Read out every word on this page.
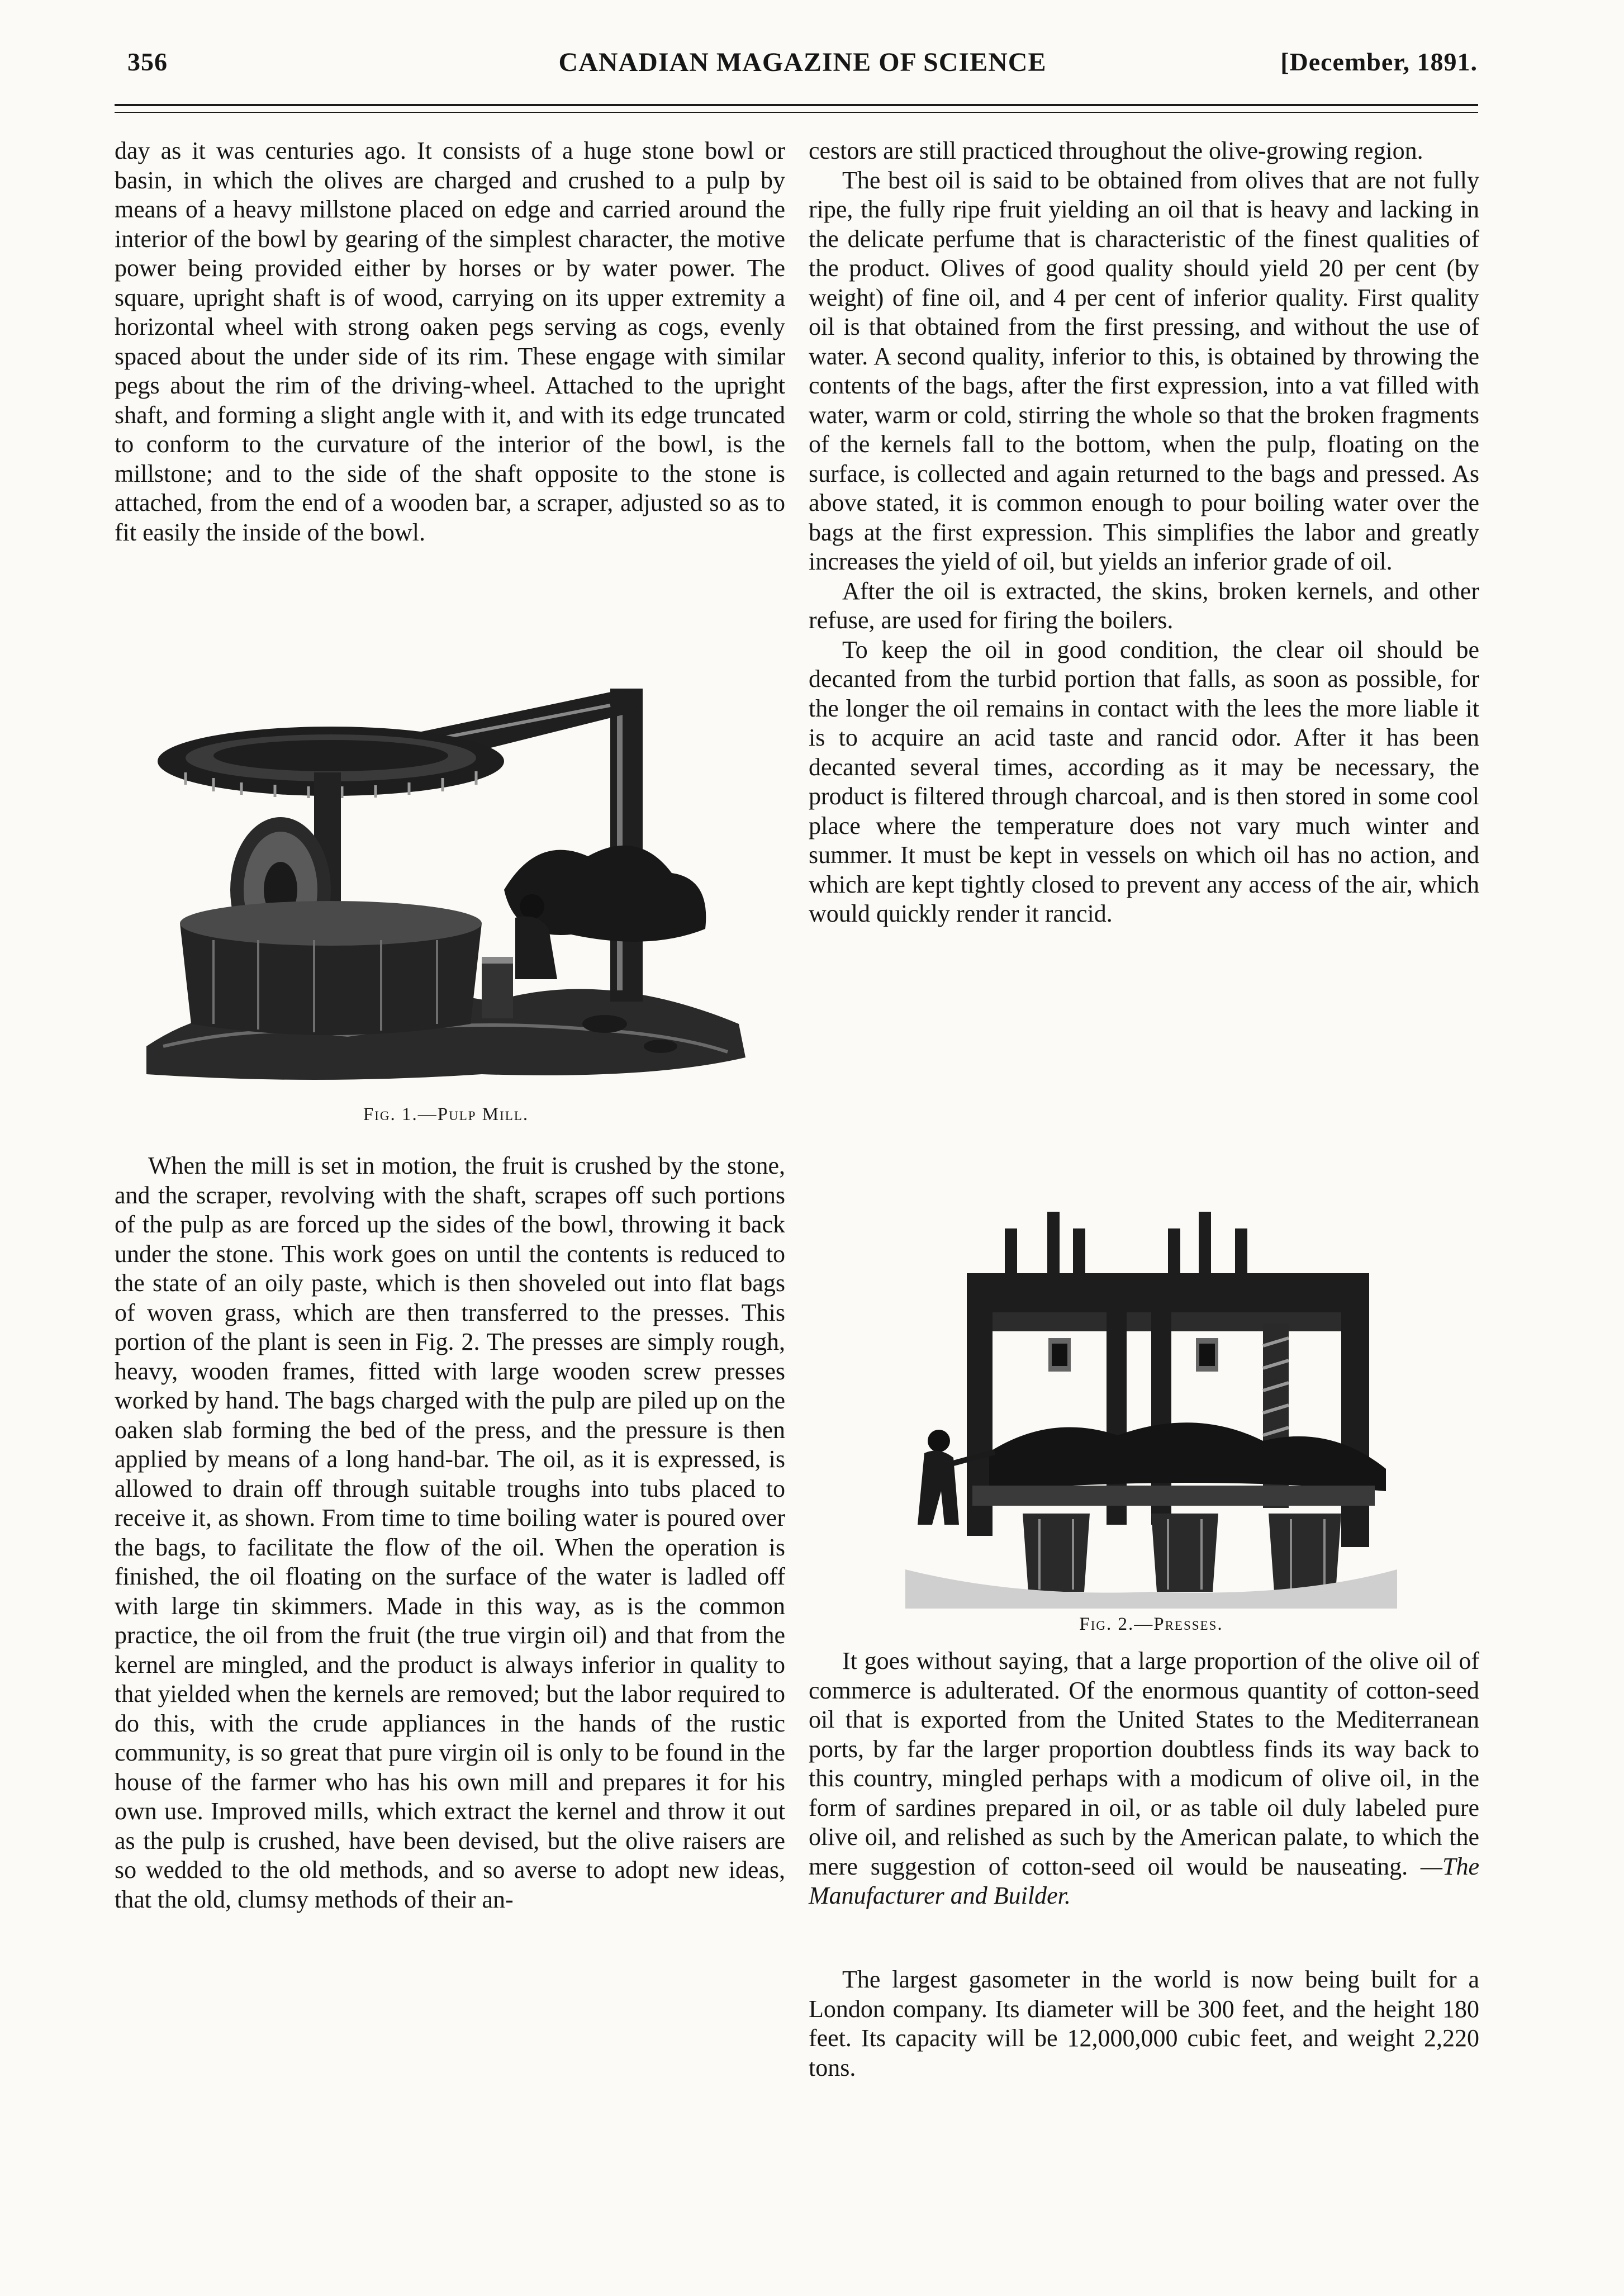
356	CANADIAN MAGAZINE OF SCIENCE	[December, 1891.

day as it was centuries ago. It consists of a huge stone bowl or basin, in which the olives are charged and crushed to a pulp by means of a heavy millstone placed on edge and carried around the interior of the bowl by gearing of the simplest character, the motive power being provided either by horses or by water power. The square, upright shaft is of wood, carrying on its upper extremity a horizontal wheel with strong oaken pegs serving as cogs, evenly spaced about the under side of its rim. These engage with similar pegs about the rim of the driving-wheel. Attached to the upright shaft, and forming a slight angle with it, and with its edge truncated to conform to the curvature of the interior of the bowl, is the millstone; and to the side of the shaft opposite to the stone is attached, from the end of a wooden bar, a scraper, adjusted so as to fit easily the inside of the bowl.

Fig. 1.—Pulp Mill.

When the mill is set in motion, the fruit is crushed by the stone, and the scraper, revolving with the shaft, scrapes off such portions of the pulp as are forced up the sides of the bowl, throwing it back under the stone. This work goes on until the contents is reduced to the state of an oily paste, which is then shoveled out into flat bags of woven grass, which are then transferred to the presses. This portion of the plant is seen in Fig. 2. The presses are simply rough, heavy, wooden frames, fitted with large wooden screw presses worked by hand. The bags charged with the pulp are piled up on the oaken slab forming the bed of the press, and the pressure is then applied by means of a long hand-bar. The oil, as it is expressed, is allowed to drain off through suitable troughs into tubs placed to receive it, as shown. From time to time boiling water is poured over the bags, to facilitate the flow of the oil. When the operation is finished, the oil floating on the surface of the water is ladled off with large tin skimmers. Made in this way, as is the common practice, the oil from the fruit (the true virgin oil) and that from the kernel are mingled, and the product is always inferior in quality to that yielded when the kernels are removed; but the labor required to do this, with the crude appliances in the hands of the rustic community, is so great that pure virgin oil is only to be found in the house of the farmer who has his own mill and prepares it for his own use. Improved mills, which extract the kernel and throw it out as the pulp is crushed, have been devised, but the olive raisers are so wedded to the old methods, and so averse to adopt new ideas, that the old, clumsy methods of their an-

cestors are still practiced throughout the olive-growing region.

The best oil is said to be obtained from olives that are not fully ripe, the fully ripe fruit yielding an oil that is heavy and lacking in the delicate perfume that is characteristic of the finest qualities of the product. Olives of good quality should yield 20 per cent (by weight) of fine oil, and 4 per cent of inferior quality. First quality oil is that obtained from the first pressing, and without the use of water. A second quality, inferior to this, is obtained by throwing the contents of the bags, after the first expression, into a vat filled with water, warm or cold, stirring the whole so that the broken fragments of the kernels fall to the bottom, when the pulp, floating on the surface, is collected and again returned to the bags and pressed. As above stated, it is common enough to pour boiling water over the bags at the first expression. This simplifies the labor and greatly increases the yield of oil, but yields an inferior grade of oil.

After the oil is extracted, the skins, broken kernels, and other refuse, are used for firing the boilers.

To keep the oil in good condition, the clear oil should be decanted from the turbid portion that falls, as soon as possible, for the longer the oil remains in contact with the lees the more liable it is to acquire an acid taste and rancid odor. After it has been decanted several times, according as it may be necessary, the product is filtered through charcoal, and is then stored in some cool place where the temperature does not vary much winter and summer. It must be kept in vessels on which oil has no action, and which are kept tightly closed to prevent any access of the air, which would quickly render it rancid.

Fig. 2.—Presses.

It goes without saying, that a large proportion of the olive oil of commerce is adulterated. Of the enormous quantity of cotton-seed oil that is exported from the United States to the Mediterranean ports, by far the larger proportion doubtless finds its way back to this country, mingled perhaps with a modicum of olive oil, in the form of sardines prepared in oil, or as table oil duly labeled pure olive oil, and relished as such by the American palate, to which the mere suggestion of cotton-seed oil would be nauseating. —The Manufacturer and Builder.

The largest gasometer in the world is now being built for a London company. Its diameter will be 300 feet, and the height 180 feet. Its capacity will be 12,000,000 cubic feet, and weight 2,220 tons.
